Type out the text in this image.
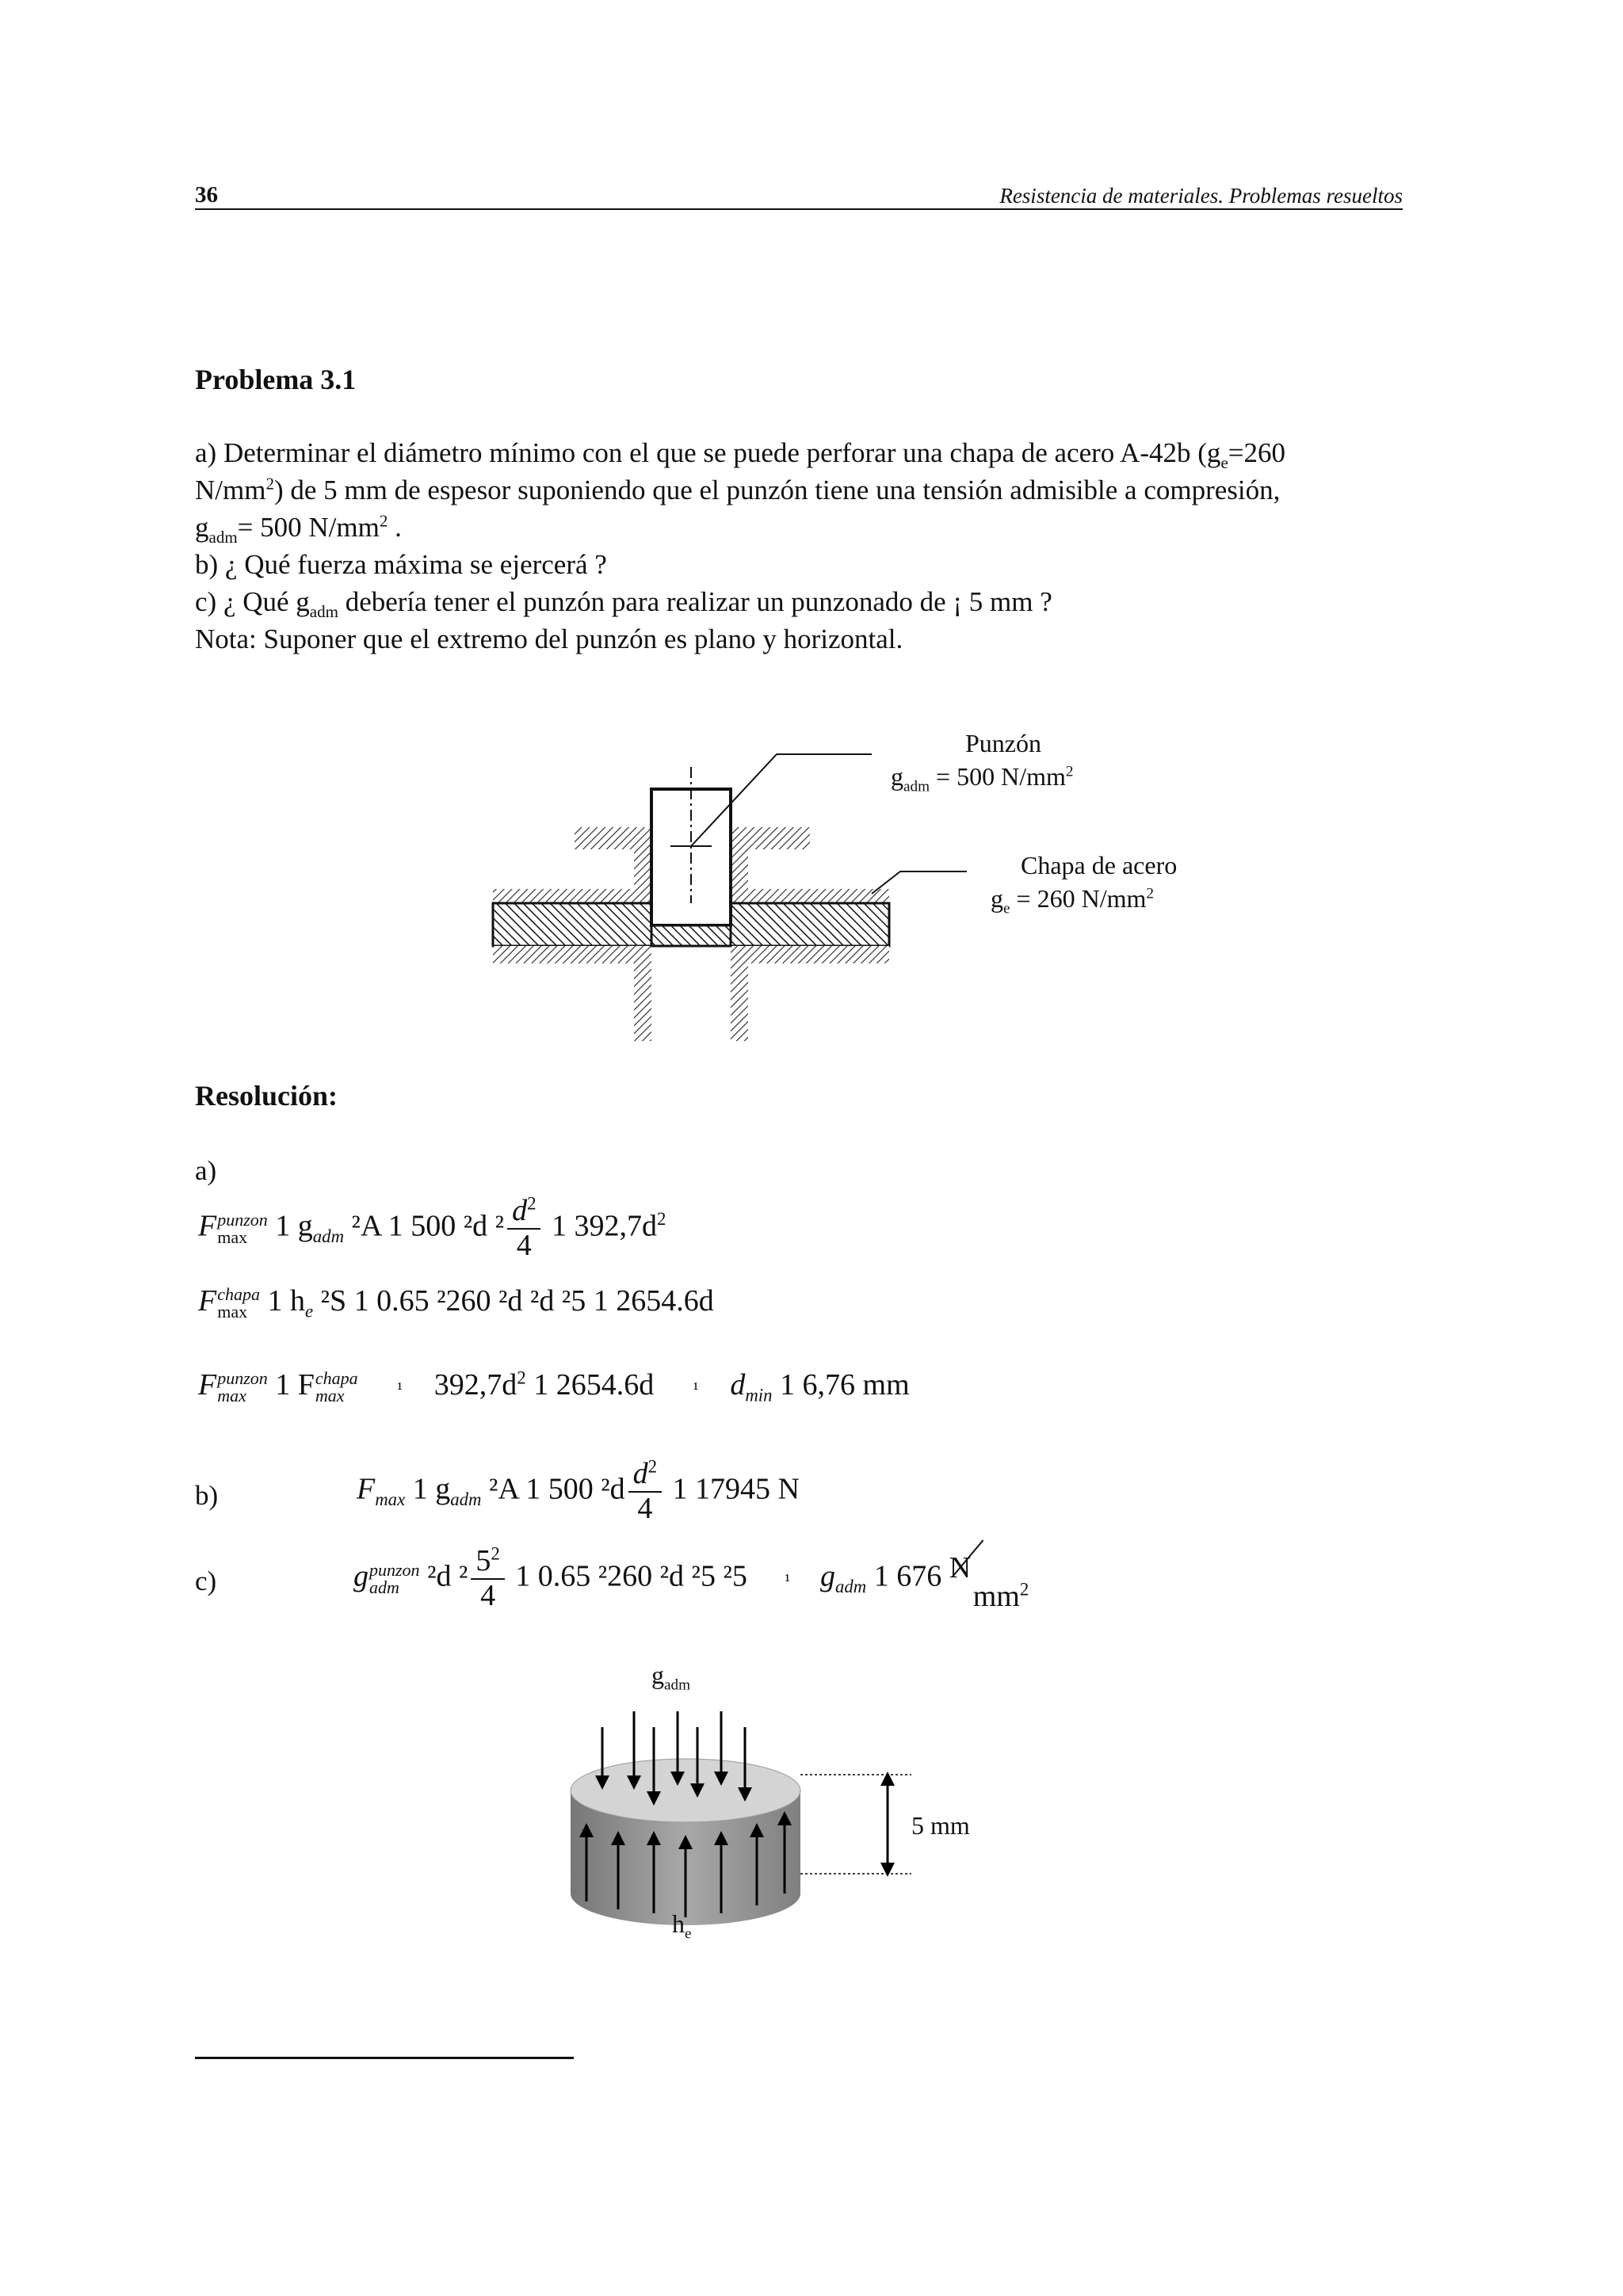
36	Resistencia de materiales. Problemas resueltos
Problema 3.1

a) Determinar el diámetro mínimo con el que se puede perforar una chapa de acero A-42b ($g_e=260$

$N/mm^2$) de 5 mm de espesor suponiendo que el punzón tiene una tensión admisible a compresión,

$g_{adm}= 500$ $N/mm^2$ .

b) ¿ Qué fuerza máxima se ejercerá ?

c) ¿ Qué $g_{adm}$ debería tener el punzón para realizar un punzonado de ¡ 5 mm ?

Nota: Suponer que el extremo del punzón es plano y horizontal.

Punzón
$g_{adm} = 500$ $N/mm^2$
Chapa de acero
$g_e = 260$ $N/mm^2$
Resolución:
a)
F punzon
max 1 $g_{adm}$ ²A 1 500 ²d $^2 \frac{d^2}{4} 1$ $392,7d^2$
F chapa
max 1 $h_e$ ²S 1 0.65 ²260 ²d ²d ²5 1 2654.6d
F punzon
max 1 F chapa
max	¹ $392,7d^2$ 1 2654.6d ¹ $d_{min}$ 1 6,76 mm
b)	$F_{max}$ 1 $g_{adm}$ ²A 1 500 $^2d \frac{d^2}{4} 1$ 17945 N
c)	g punzon
adm ²d $^2 \frac{5^2}{4} 1$ 0.65 ²260 ²d ²5 ²5 ¹ $g_{adm}$ 1 676 N
$mm^2$
$g_{adm}$
5 mm
$h_e$
